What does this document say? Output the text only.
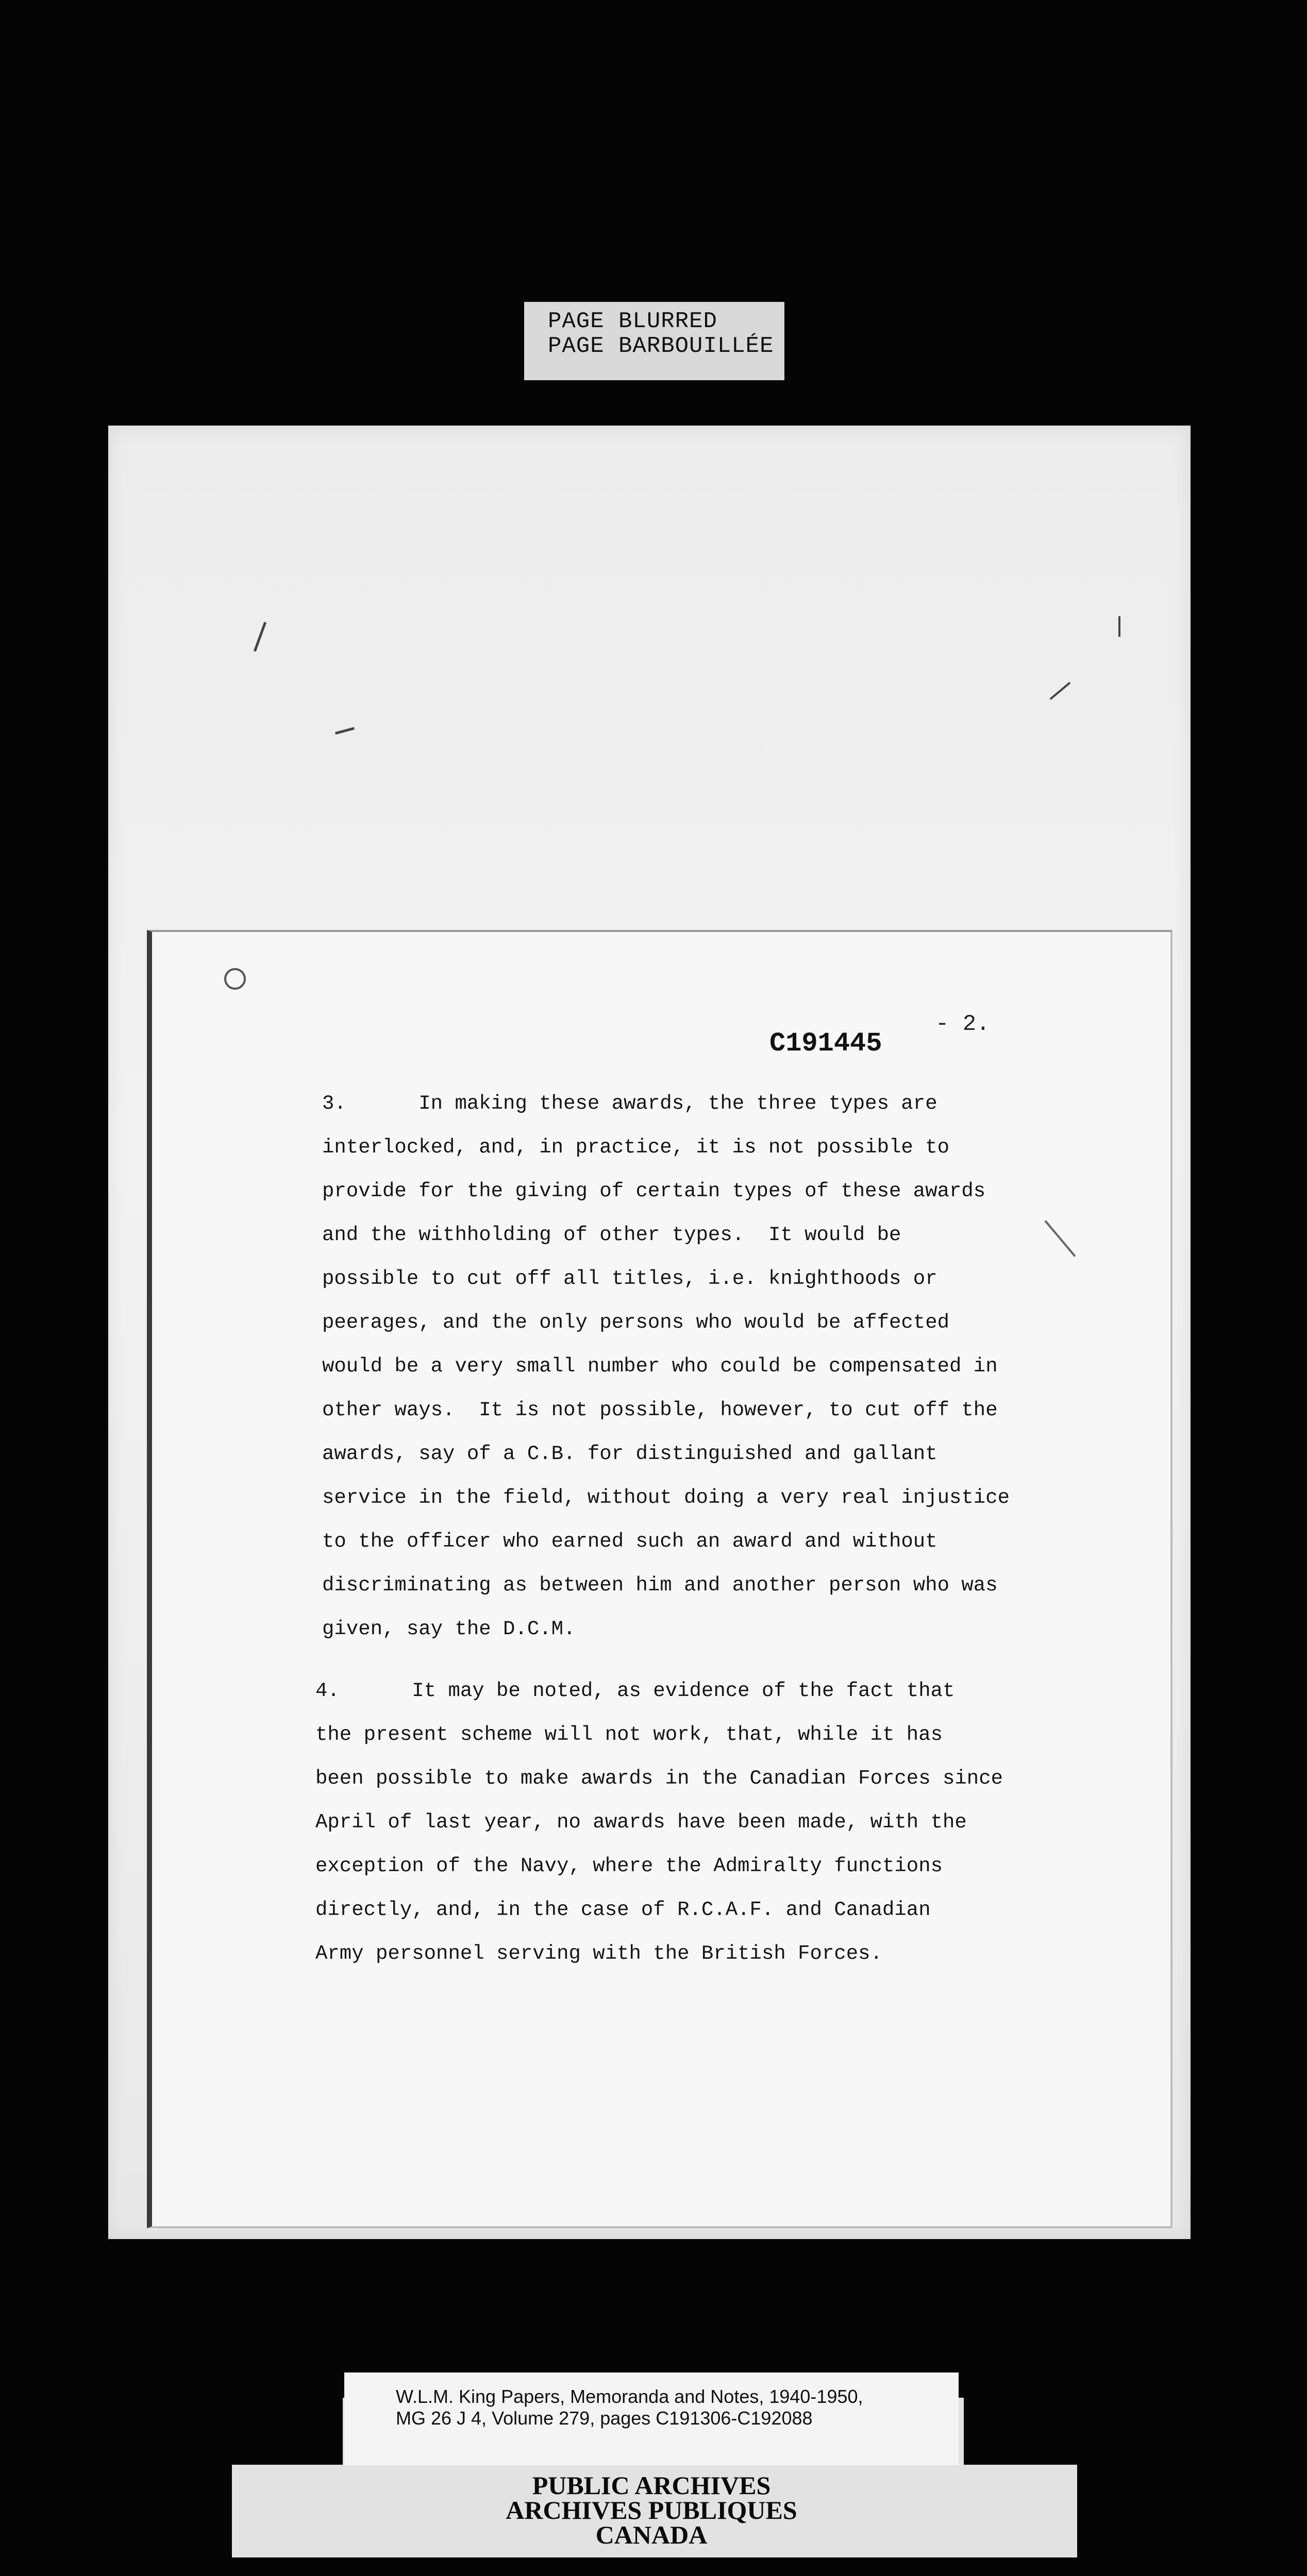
PAGE BLURRED
PAGE BARBOUILLÉE
- 2.
C191445
3.      In making these awards, the three types are
interlocked, and, in practice, it is not possible to
provide for the giving of certain types of these awards
and the withholding of other types.  It would be
possible to cut off all titles, i.e. knighthoods or
peerages, and the only persons who would be affected
would be a very small number who could be compensated in
other ways.  It is not possible, however, to cut off the
awards, say of a C.B. for distinguished and gallant
service in the field, without doing a very real injustice
to the officer who earned such an award and without
discriminating as between him and another person who was
given, say the D.C.M.
4.      It may be noted, as evidence of the fact that
the present scheme will not work, that, while it has
been possible to make awards in the Canadian Forces since
April of last year, no awards have been made, with the
exception of the Navy, where the Admiralty functions
directly, and, in the case of R.C.A.F. and Canadian
Army personnel serving with the British Forces.
W.L.M. King Papers, Memoranda and Notes, 1940-1950,
MG 26 J 4, Volume 279, pages C191306-C192088
PUBLIC ARCHIVES
ARCHIVES PUBLIQUES
CANADA
